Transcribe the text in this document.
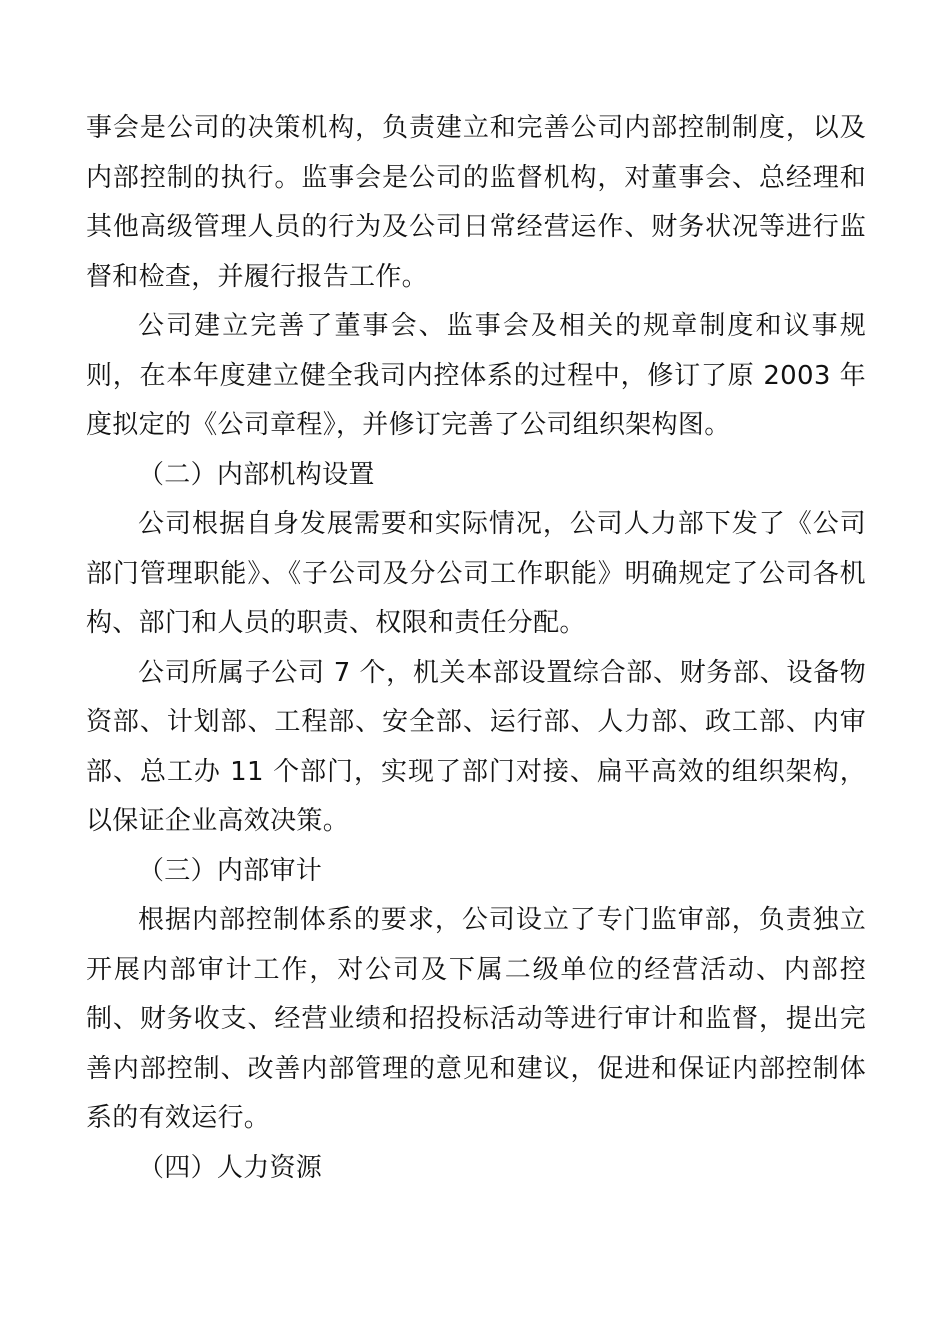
事会是公司的决策机构，负责建立和完善公司内部控制制度，以及内部控制的执行。监事会是公司的监督机构，对董事会、总经理和其他高级管理人员的行为及公司日常经营运作、财务状况等进行监督和检查，并履行报告工作。

公司建立完善了董事会、监事会及相关的规章制度和议事规则，在本年度建立健全我司内控体系的过程中，修订了原 2003 年度拟定的《公司章程》，并修订完善了公司组织架构图。

（二）内部机构设置

公司根据自身发展需要和实际情况，公司人力部下发了《公司部门管理职能》、《子公司及分公司工作职能》明确规定了公司各机构、部门和人员的职责、权限和责任分配。

公司所属子公司 7 个，机关本部设置综合部、财务部、设备物资部、计划部、工程部、安全部、运行部、人力部、政工部、内审部、总工办 11 个部门，实现了部门对接、扁平高效的组织架构，以保证企业高效决策。

（三）内部审计

根据内部控制体系的要求，公司设立了专门监审部，负责独立开展内部审计工作，对公司及下属二级单位的经营活动、内部控制、财务收支、经营业绩和招投标活动等进行审计和监督，提出完善内部控制、改善内部管理的意见和建议，促进和保证内部控制体系的有效运行。

（四）人力资源
